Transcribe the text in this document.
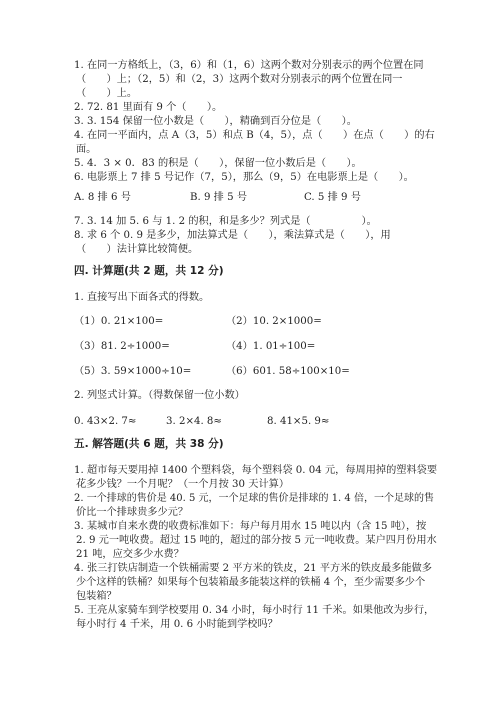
1. 在同一方格纸上，（3，6）和（1，6）这两个数对分别表示的两个位置在同
（　　）上；（2，5）和（2，3）这两个数对分别表示的两个位置在同一
（　　）上。
2. 72. 81 里面有 9 个（　　）。
3. 3. 154 保留一位小数是（　　），精确到百分位是（　　）。
4. 在同一平面内，点 A（3，5）和点 B（4，5），点（　　）在点（　　）的右
面。
5. 4．3 × 0．83 的积是（　　），保留一位小数后是（　　）。
6. 电影票上 7 排 5 号记作（7，5），那么（9，5）在电影票上是（　　）。
A. 8 排 6 号	B. 9 排 5 号	C. 5 排 9 号
7. 3. 14 加 5. 6 与 1. 2 的积，和是多少？列式是（　　　　　）。
8. 求 6 个 0. 9 是多少，加法算式是（　　），乘法算式是（　　），用
（　　）法计算比较简便。
四. 计算题(共 2 题，共 12 分)
1. 直接写出下面各式的得数。
（1）0. 21×100=	（2）10. 2×1000=
（3）81. 2÷1000=	（4）1. 01÷100=
（5）3. 59×1000÷10=	（6）601. 58÷100×10=
2. 列竖式计算。（得数保留一位小数）
0. 43×2. 7≈	3. 2×4. 8≈	8. 41×5. 9≈
五. 解答题(共 6 题，共 38 分)
1. 超市每天要用掉 1400 个塑料袋，每个塑料袋 0. 04 元，每周用掉的塑料袋要
花多少钱？一个月呢？（一个月按 30 天计算）
2. 一个排球的售价是 40. 5 元，一个足球的售价是排球的 1. 4 倍，一个足球的售
价比一个排球贵多少元？
3. 某城市自来水费的收费标准如下：每户每月用水 15 吨以内（含 15 吨），按
2. 9 元一吨收费。超过 15 吨的，超过的部分按 5 元一吨收费。某户四月份用水
21 吨，应交多少水费？
4. 张三打铁店制造一个铁桶需要 2 平方米的铁皮，21 平方米的铁皮最多能做多
少个这样的铁桶？如果每个包装箱最多能装这样的铁桶 4 个，至少需要多少个
包装箱？
5. 王亮从家骑车到学校要用 0. 34 小时，每小时行 11 千米。如果他改为步行，
每小时行 4 千米，用 0. 6 小时能到学校吗？
